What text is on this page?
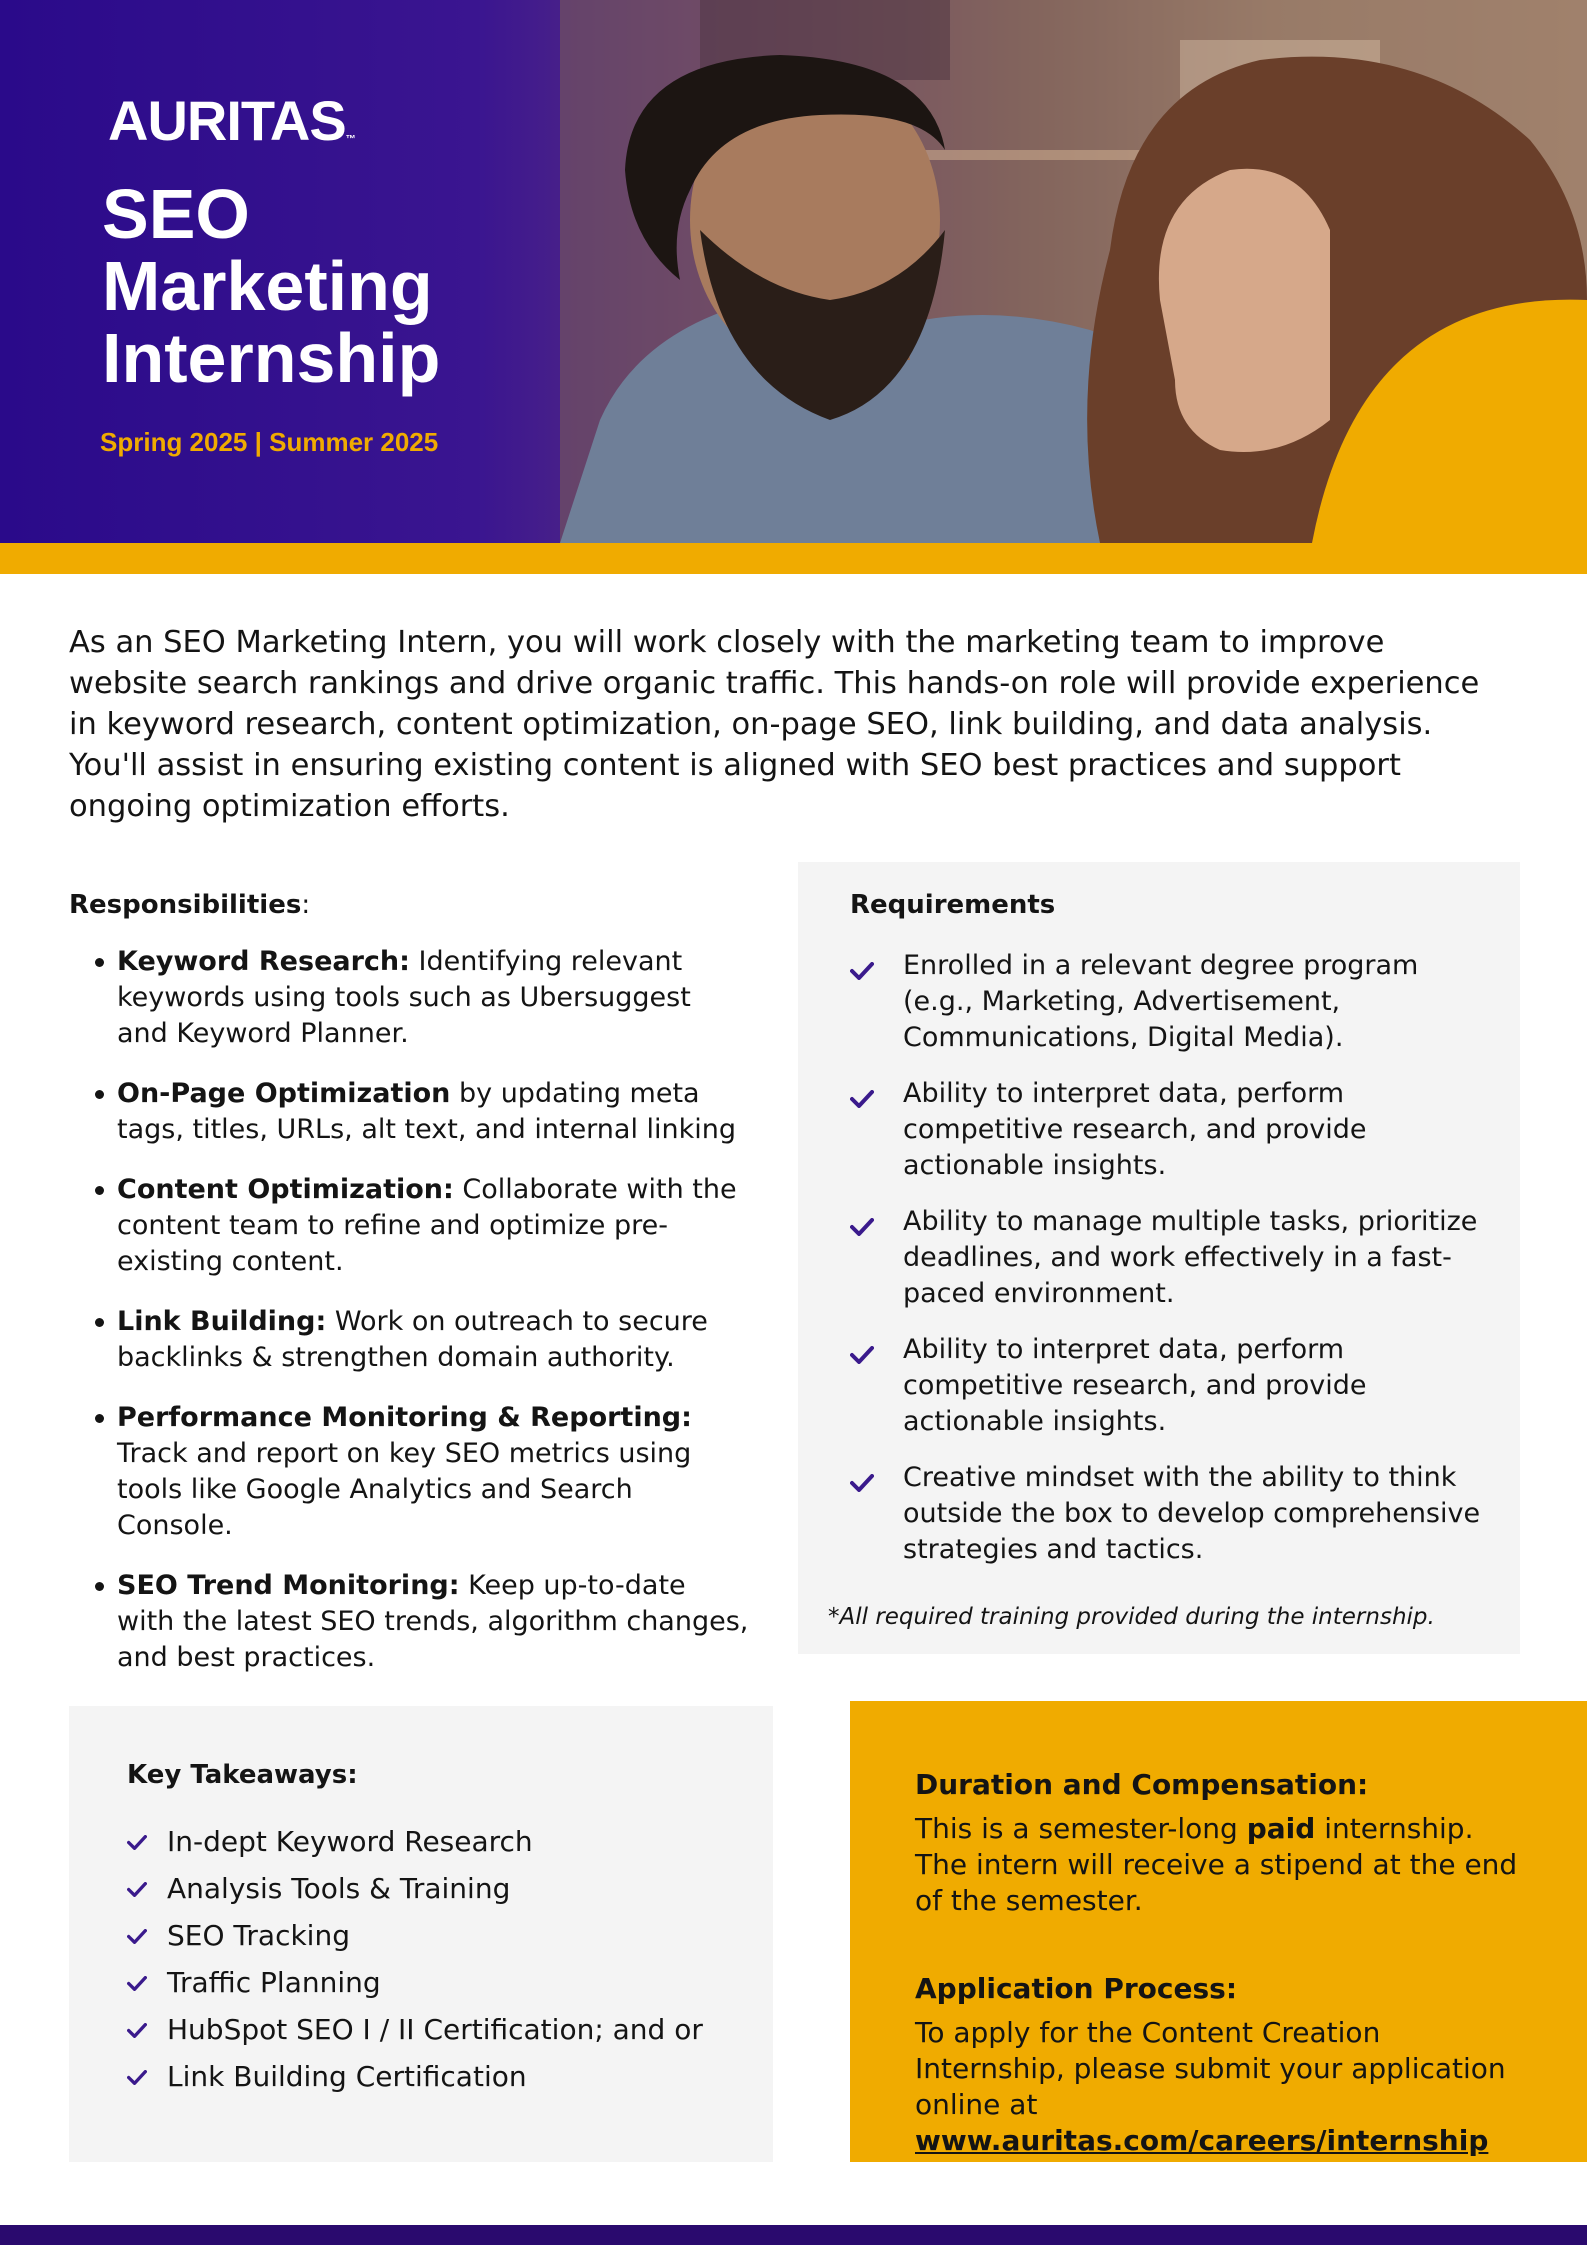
AURITAS™
SEO
Marketing
Internship
Spring 2025 | Summer 2025

As an SEO Marketing Intern, you will work closely with the marketing team to improve website search rankings and drive organic traffic. This hands-on role will provide experience in keyword research, content optimization, on-page SEO, link building, and data analysis. You'll assist in ensuring existing content is aligned with SEO best practices and support ongoing optimization efforts.

Responsibilities:

Keyword Research: Identifying relevant keywords using tools such as Ubersuggest and Keyword Planner.
On-Page Optimization by updating meta tags, titles, URLs, alt text, and internal linking
Content Optimization: Collaborate with the content team to refine and optimize pre-existing content.
Link Building: Work on outreach to secure backlinks & strengthen domain authority.
Performance Monitoring & Reporting: Track and report on key SEO metrics using tools like Google Analytics and Search Console.
SEO Trend Monitoring: Keep up-to-date with the latest SEO trends, algorithm changes, and best practices.

Requirements

Enrolled in a relevant degree program (e.g., Marketing, Advertisement, Communications, Digital Media).
Ability to interpret data, perform competitive research, and provide actionable insights.
Ability to manage multiple tasks, prioritize deadlines, and work effectively in a fast-paced environment.
Ability to interpret data, perform competitive research, and provide actionable insights.
Creative mindset with the ability to think outside the box to develop comprehensive strategies and tactics.
*All required training provided during the internship.

Key Takeaways:

In-dept Keyword Research
Analysis Tools & Training
SEO Tracking
Traffic Planning
HubSpot SEO I / II Certification; and or
Link Building Certification

Duration and Compensation:

This is a semester-long paid internship. The intern will receive a stipend at the end of the semester.

Application Process:

To apply for the Content Creation Internship, please submit your application online at
www.auritas.com/careers/internship
